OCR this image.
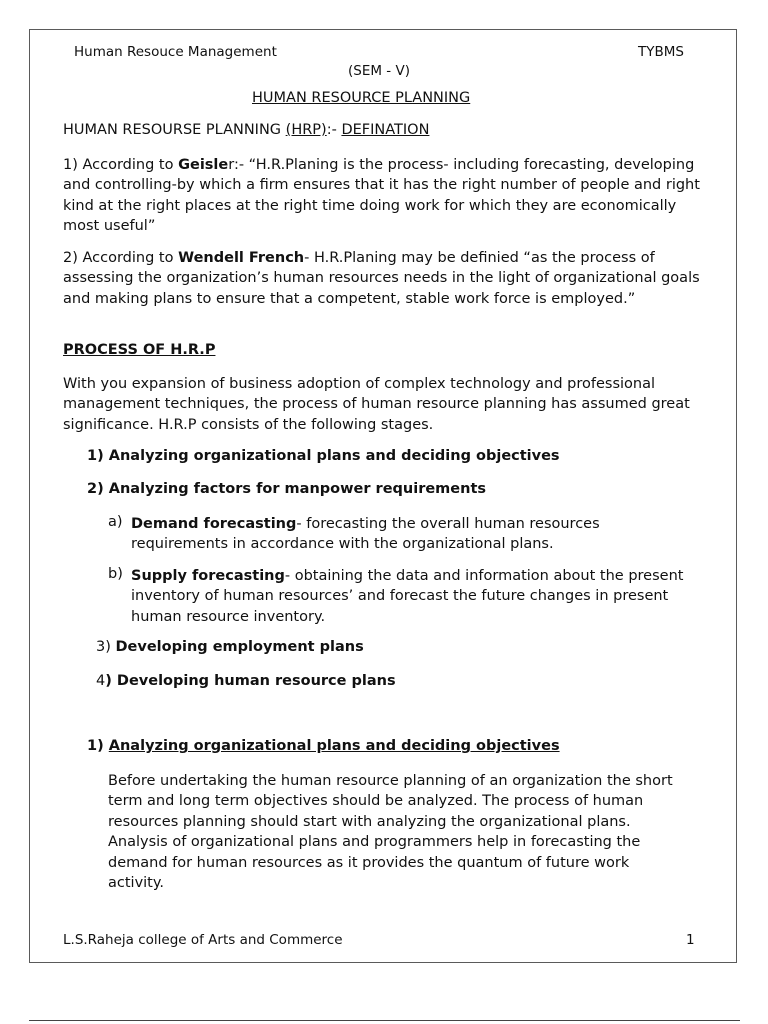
Human Resouce Management	TYBMS
(SEM - V)
HUMAN RESOURCE PLANNING
HUMAN RESOURSE PLANNING (HRP):- DEFINATION

1) According to Geisler:- “H.R.Planing is the process- including forecasting, developing and controlling-by which a firm ensures that it has the right number of people and right kind at the right places at the right time doing work for which they are economically most useful”

2) According to Wendell French- H.R.Planing may be definied “as the process of assessing the organization’s human resources needs in the light of organizational goals and making plans to ensure that a competent, stable work force is employed.”

PROCESS OF H.R.P

With you expansion of business adoption of complex technology and professional management techniques, the process of human resource planning has assumed great significance. H.R.P consists of the following stages.

1) Analyzing organizational plans and deciding objectives
2) Analyzing factors for manpower requirements
a) Demand forecasting- forecasting the overall human resources requirements in accordance with the organizational plans.

b) Supply forecasting- obtaining the data and information about the present inventory of human resources’ and forecast the future changes in present human resource inventory.

3) Developing employment plans
4) Developing human resource plans
1) Analyzing organizational plans and deciding objectives

Before undertaking the human resource planning of an organization the short term and long term objectives should be analyzed. The process of human resources planning should start with analyzing the organizational plans. Analysis of organizational plans and programmers help in forecasting the demand for human resources as it provides the quantum of future work activity.

L.S.Raheja college of Arts and Commerce	1
